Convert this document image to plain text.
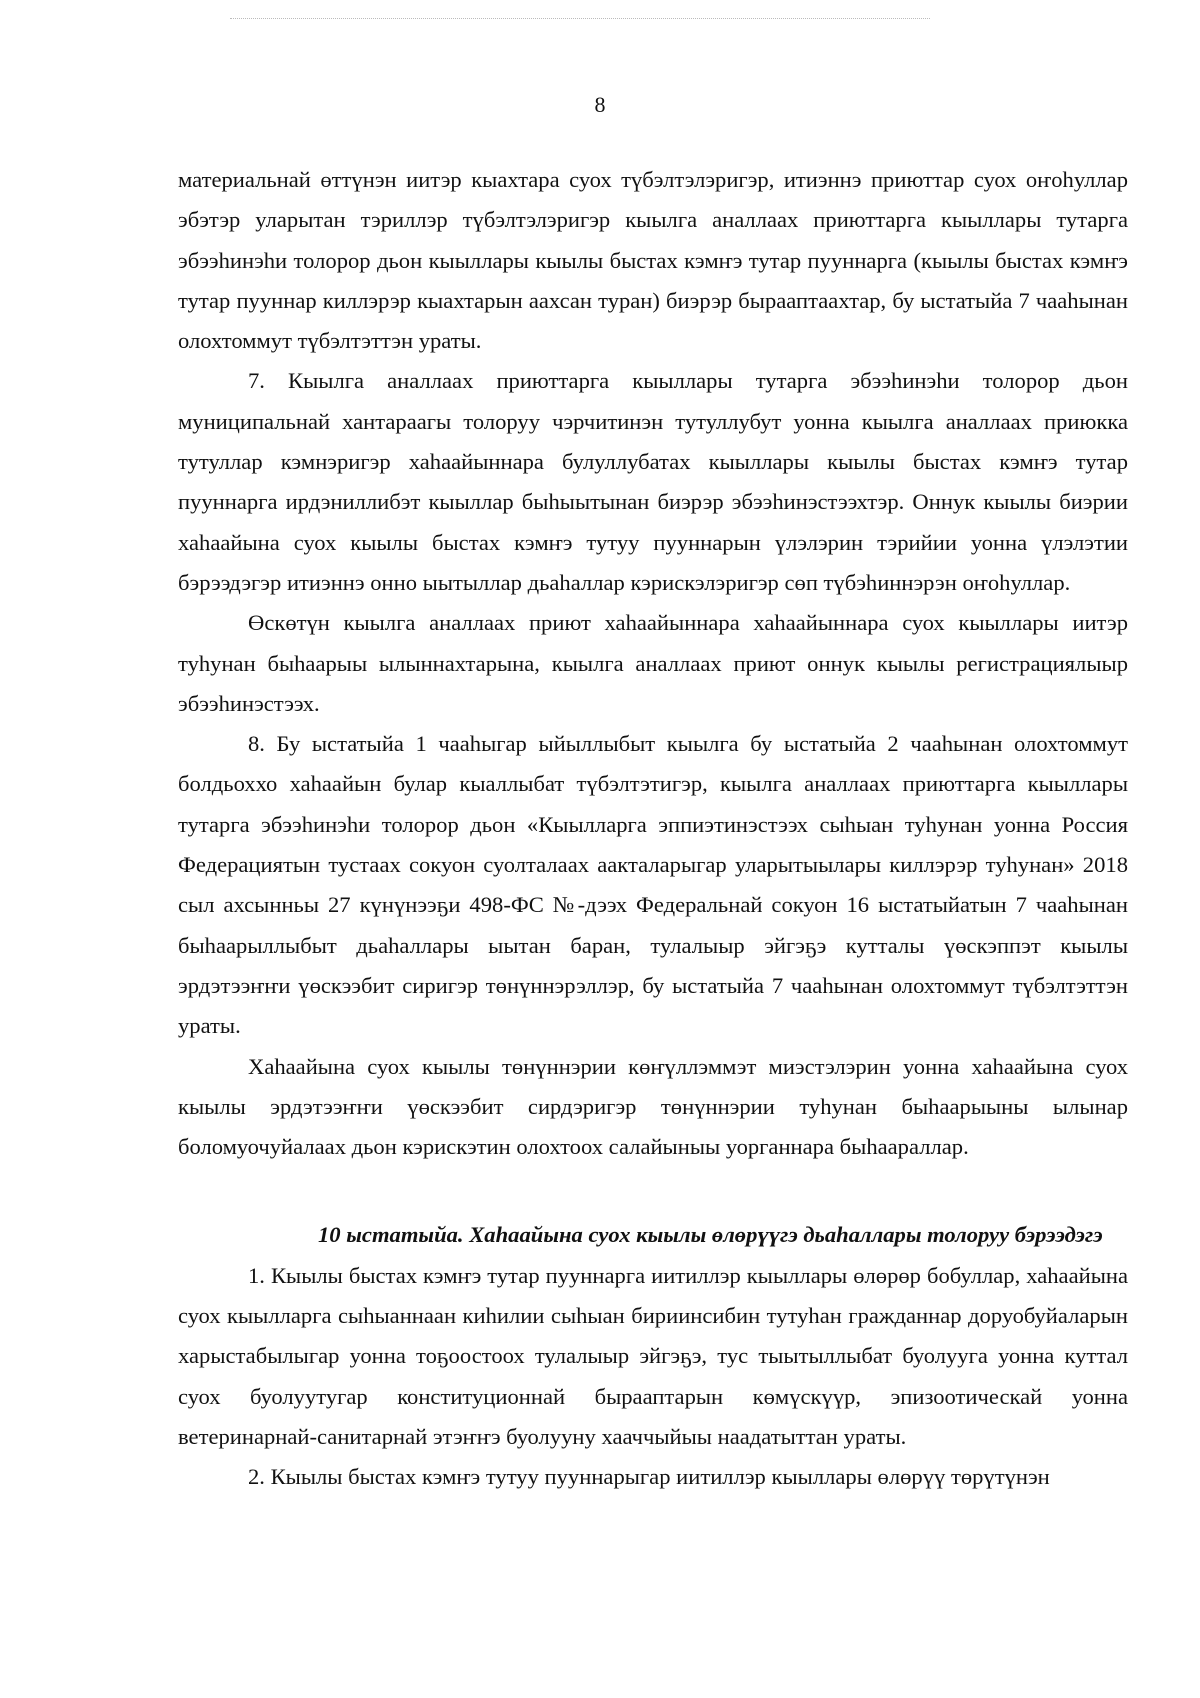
8

материальнай өттүнэн иитэр кыахтара суох түбэлтэлэригэр, итиэннэ приюттар суох оҥоһуллар эбэтэр уларытан тэриллэр түбэлтэлэригэр кыылга аналлаах приюттарга кыыллары тутарга эбээһинэһи толорор дьон кыыллары кыылы быстах кэмҥэ тутар пууннарга (кыылы быстах кэмҥэ тутар пууннар киллэрэр кыахтарын аахсан туран) биэрэр бырааптаахтар, бу ыстатыйа 7 чааһынан олохтоммут түбэлтэттэн ураты.

7. Кыылга аналлаах приюттарга кыыллары тутарга эбээһинэһи толорор дьон муниципальнай хантараагы толоруу чэрчитинэн тутуллубут уонна кыылга аналлаах приюкка тутуллар кэмнэригэр хаһаайыннара булуллубатах кыыллары кыылы быстах кэмҥэ тутар пууннарга ирдэниллибэт кыыллар быһыытынан биэрэр эбээһинэстээхтэр. Оннук кыылы биэрии хаһаайына суох кыылы быстах кэмҥэ тутуу пууннарын үлэлэрин тэрийии уонна үлэлэтии бэрээдэгэр итиэннэ онно ыытыллар дьаһаллар кэрискэлэригэр сөп түбэһиннэрэн оҥоһуллар.

Өскөтүн кыылга аналлаах приют хаһаайыннара хаһаайыннара суох кыыллары иитэр туһунан быһаарыы ылыннахтарына, кыылга аналлаах приют оннук кыылы регистрациялыыр эбээһинэстээх.

8. Бу ыстатыйа 1 чааһыгар ыйыллыбыт кыылга бу ыстатыйа 2 чааһынан олохтоммут болдьоххо хаһаайын булар кыаллыбат түбэлтэтигэр, кыылга аналлаах приюттарга кыыллары тутарга эбээһинэһи толорор дьон «Кыылларга эппиэтинэстээх сыһыан туһунан уонна Россия Федерациятын тустаах сокуон суолталаах аакталарыгар уларытыылары киллэрэр туһунан» 2018 сыл ахсынньы 27 күнүнээҕи 498-ФС №-дээх Федеральнай сокуон 16 ыстатыйатын 7 чааһынан быһаарыллыбыт дьаһаллары ыытан баран, тулалыыр эйгэҕэ кутталы үөскэппэт кыылы эрдэтээҥҥи үөскээбит сиригэр төнүннэрэллэр, бу ыстатыйа 7 чааһынан олохтоммут түбэлтэттэн ураты.

Хаһаайына суох кыылы төнүннэрии көҥүллэммэт миэстэлэрин уонна хаһаайына суох кыылы эрдэтээҥҥи үөскээбит сирдэригэр төнүннэрии туһунан быһаарыыны ылынар боломуочуйалаах дьон кэрискэтин олохтоох салайыныы уорганнара быһаараллар.

10 ыстатыйа. Хаһаайына суох кыылы өлөрүүгэ дьаһаллары толоруу бэрээдэгэ

1. Кыылы быстах кэмҥэ тутар пууннарга иитиллэр кыыллары өлөрөр бобуллар, хаһаайына суох кыылларга сыһыаннаан киһилии сыһыан бириинсибин тутуһан гражданнар доруобуйаларын харыстабылыгар уонна тоҕоостоох тулалыыр эйгэҕэ, тус тыытыллыбат буолууга уонна куттал суох буолуутугар конституционнай бырааптарын көмүскүүр, эпизоотическай уонна ветеринарнай-санитарнай этэҥҥэ буолууну хааччыйыы наадатыттан ураты.

2. Кыылы быстах кэмҥэ тутуу пууннарыгар иитиллэр кыыллары өлөрүү төрүтүнэн
